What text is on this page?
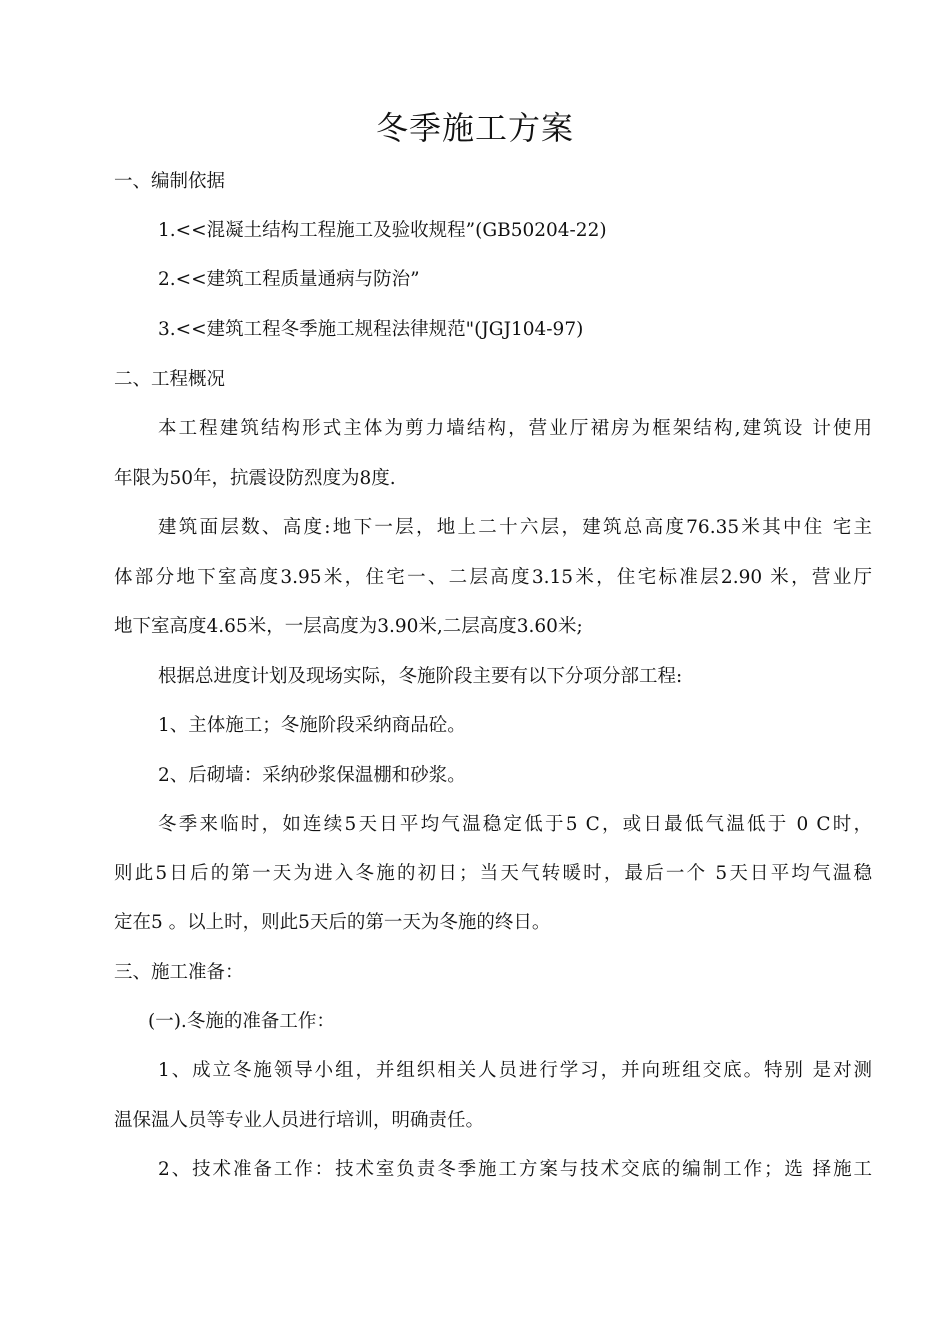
冬季施工方案

一、编制依据

1.<<混凝土结构工程施工及验收规程”(GB50204-22)

2.<<建筑工程质量通病与防治”

3.<<建筑工程冬季施工规程法律规范"(JGJ104-97)

二、工程概况

本工程建筑结构形式主体为剪力墙结构，营业厅裙房为框架结构,建筑设 计使用

年限为50年，抗震设防烈度为8度.

建筑面层数、高度:地下一层，地上二十六层，建筑总高度76.35米其中住 宅主

体部分地下室高度3.95米，住宅一、二层高度3.15米，住宅标准层2.90 米，营业厅

地下室高度4.65米，一层高度为3.90米,二层高度3.60米;

根据总进度计划及现场实际，冬施阶段主要有以下分项分部工程:

1、主体施工；冬施阶段采纳商品砼。

2、后砌墙：采纳砂浆保温棚和砂浆。

冬季来临时，如连续5天日平均气温稳定低于5 C，或日最低气温低于 0 C时，

则此5日后的第一天为进入冬施的初日；当天气转暖时，最后一个 5天日平均气温稳

定在5 。以上时，则此5天后的第一天为冬施的终日。

三、施工准备：

(一).冬施的准备工作：

1、成立冬施领导小组，并组织相关人员进行学习，并向班组交底。特别 是对测

温保温人员等专业人员进行培训，明确责任。

2、技术准备工作：技术室负责冬季施工方案与技术交底的编制工作；选 择施工
